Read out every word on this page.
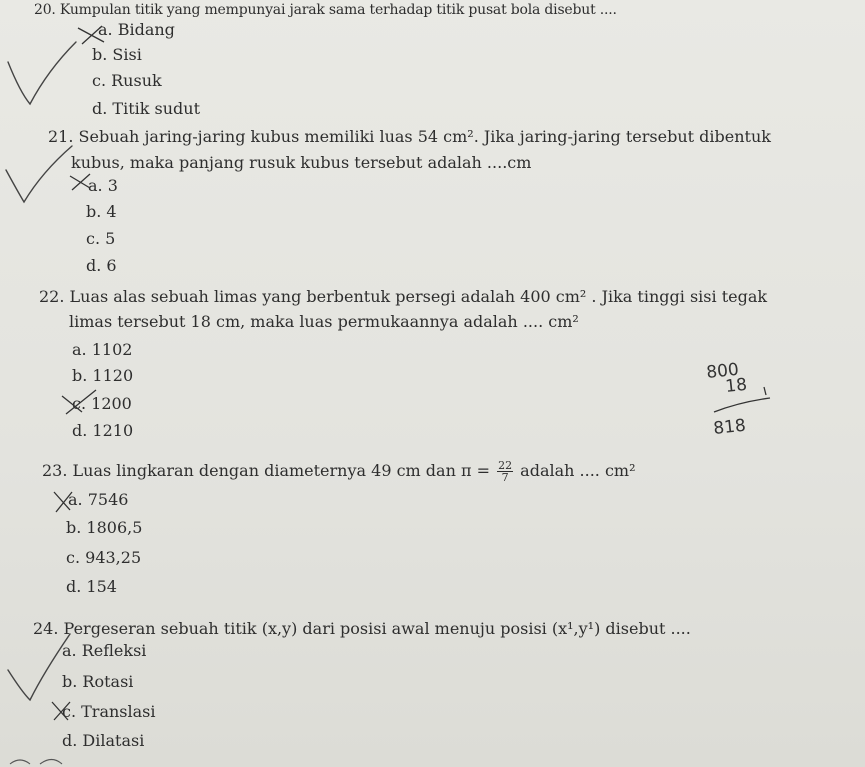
20. Kumpulan titik yang mempunyai jarak sama terhadap titik pusat bola disebut ....
a. Bidang
b. Sisi
c. Rusuk
d. Titik sudut
21. Sebuah jaring-jaring kubus memiliki luas 54 cm². Jika jaring-jaring tersebut dibentuk
kubus, maka panjang rusuk kubus tersebut adalah ....cm
a. 3
b. 4
c. 5
d. 6
22. Luas alas sebuah limas yang berbentuk persegi adalah 400 cm² . Jika tinggi sisi tegak
limas tersebut 18 cm, maka luas permukaannya adalah .... cm²
a. 1102
b. 1120
c. 1200
d. 1210
23. Luas lingkaran dengan diameternya 49 cm dan $\pi = \frac{22}{7}$ adalah .... cm²
a. 7546
b. 1806,5
c. 943,25
d. 154
24. Pergeseran sebuah titik (x,y) dari posisi awal menuju posisi (x¹,y¹) disebut ....
a. Refleksi
b. Rotasi
c. Translasi
d. Dilatasi
800
18
818
